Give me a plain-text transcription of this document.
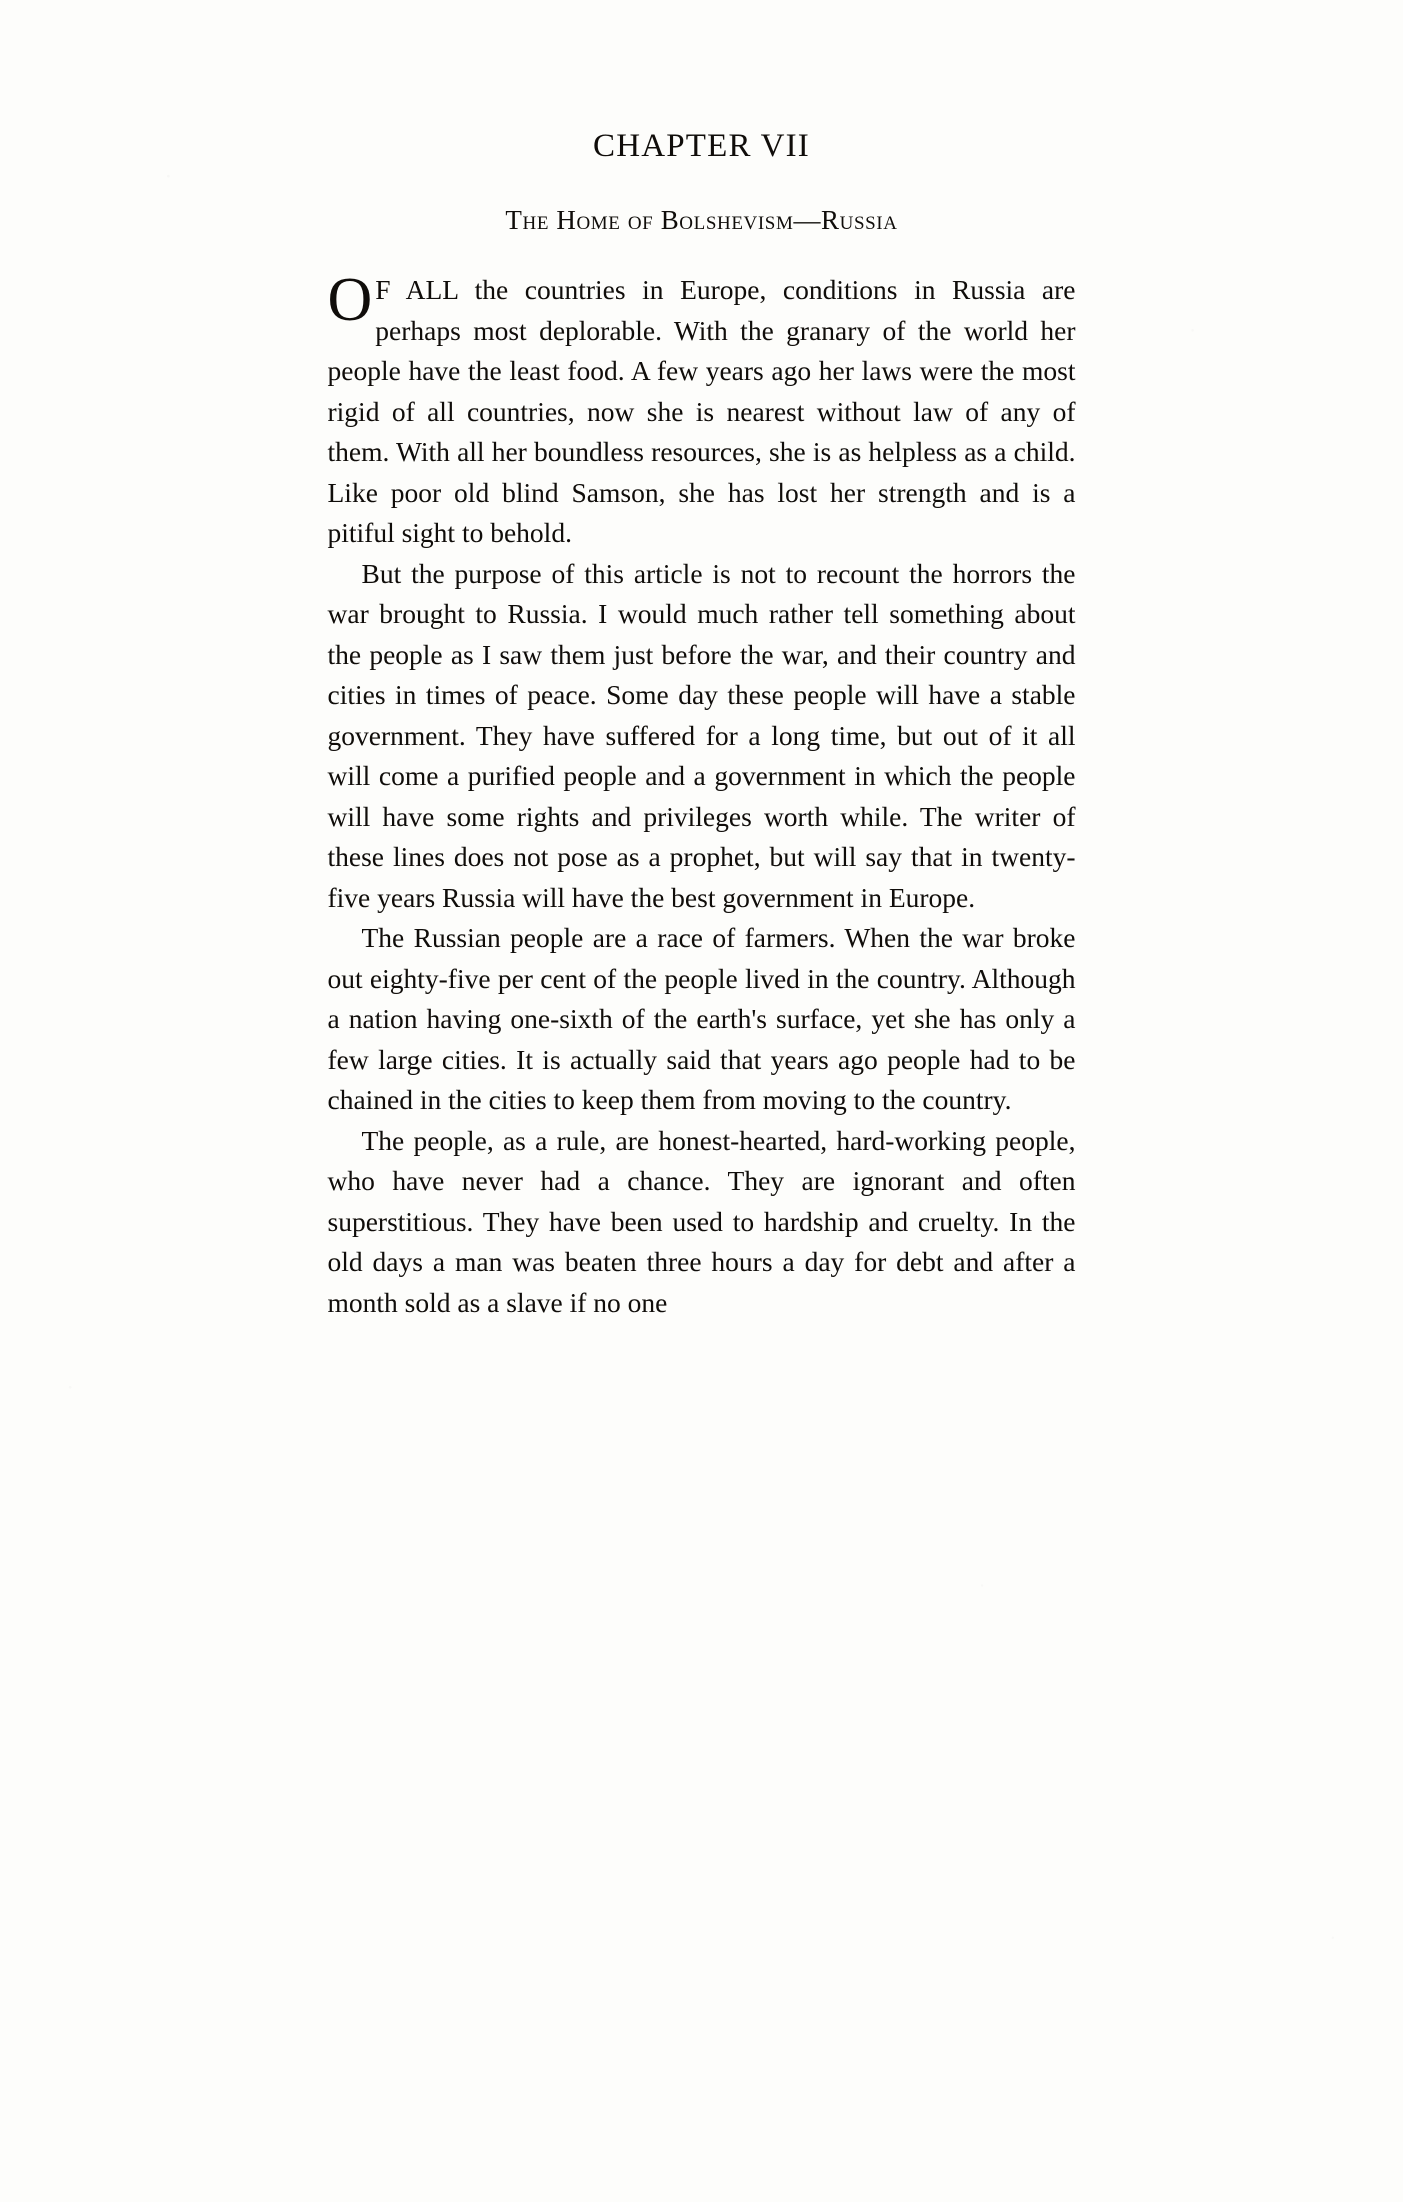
CHAPTER VII
The Home of Bolshevism—Russia

O F ALL the countries in Europe, conditions in Russia are perhaps most deplorable. With the granary of the world her people have the least food. A few years ago her laws were the most rigid of all countries, now she is nearest without law of any of them. With all her boundless resources, she is as helpless as a child. Like poor old blind Samson, she has lost her strength and is a pitiful sight to behold.

But the purpose of this article is not to recount the horrors the war brought to Russia. I would much rather tell something about the people as I saw them just before the war, and their country and cities in times of peace. Some day these people will have a stable government. They have suffered for a long time, but out of it all will come a purified people and a government in which the people will have some rights and privileges worth while. The writer of these lines does not pose as a prophet, but will say that in twenty-five years Russia will have the best government in Europe.

The Russian people are a race of farmers. When the war broke out eighty-five per cent of the people lived in the country. Although a nation having one-sixth of the earth's surface, yet she has only a few large cities. It is actually said that years ago people had to be chained in the cities to keep them from moving to the country.

The people, as a rule, are honest-hearted, hard-working people, who have never had a chance. They are ignorant and often superstitious. They have been used to hardship and cruelty. In the old days a man was beaten three hours a day for debt and after a month sold as a slave if no one
